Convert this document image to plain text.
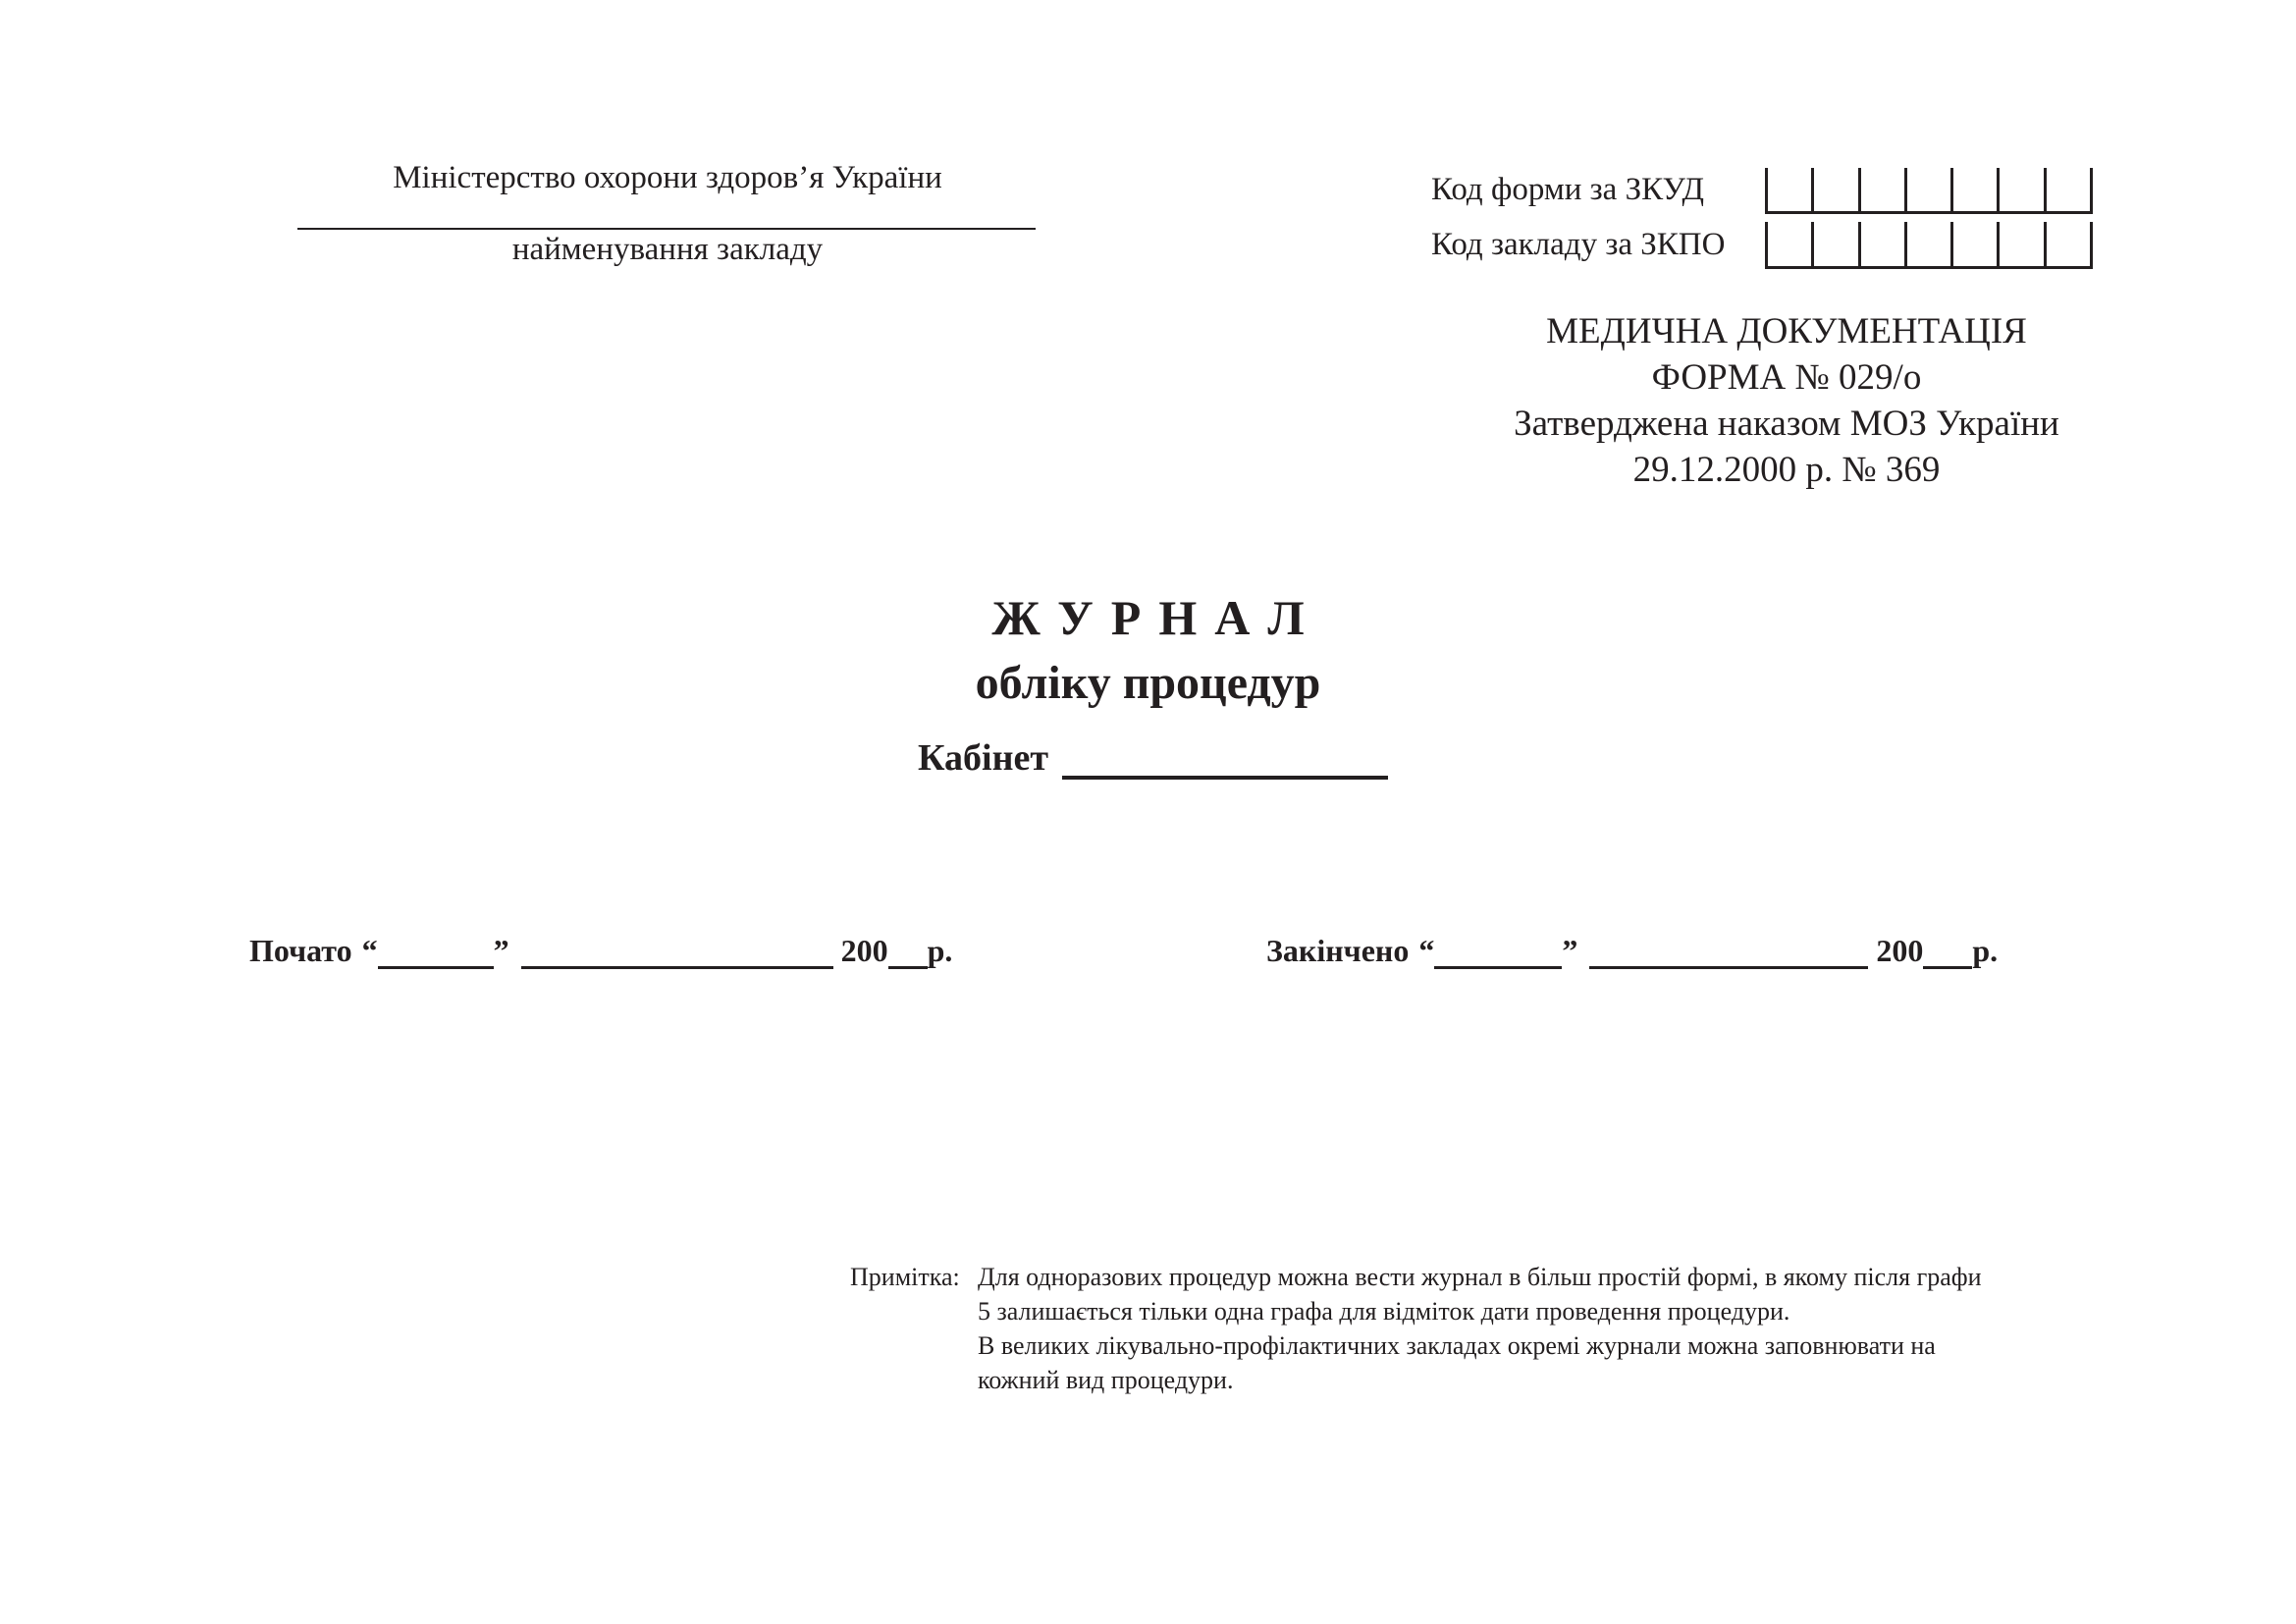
Міністерство охорони здоров’я України
найменування закладу
Код форми за ЗКУД
Код закладу за ЗКПО
МЕДИЧНА ДОКУМЕНТАЦІЯ
ФОРМА № 029/о
Затверджена наказом МОЗ України
29.12.2000 р. № 369
ЖУРНАЛ
обліку процедур
Кабінет
Почато “	”	200 р.	Закінчено “	”	200 р.
Примітка: Для одноразових процедур можна вести журнал в більш простій формі, в якому після графи
5 залишається тільки одна графа для відміток дати проведення процедури.
В великих лікувально-профілактичних закладах окремі журнали можна заповнювати на
кожний вид процедури.
